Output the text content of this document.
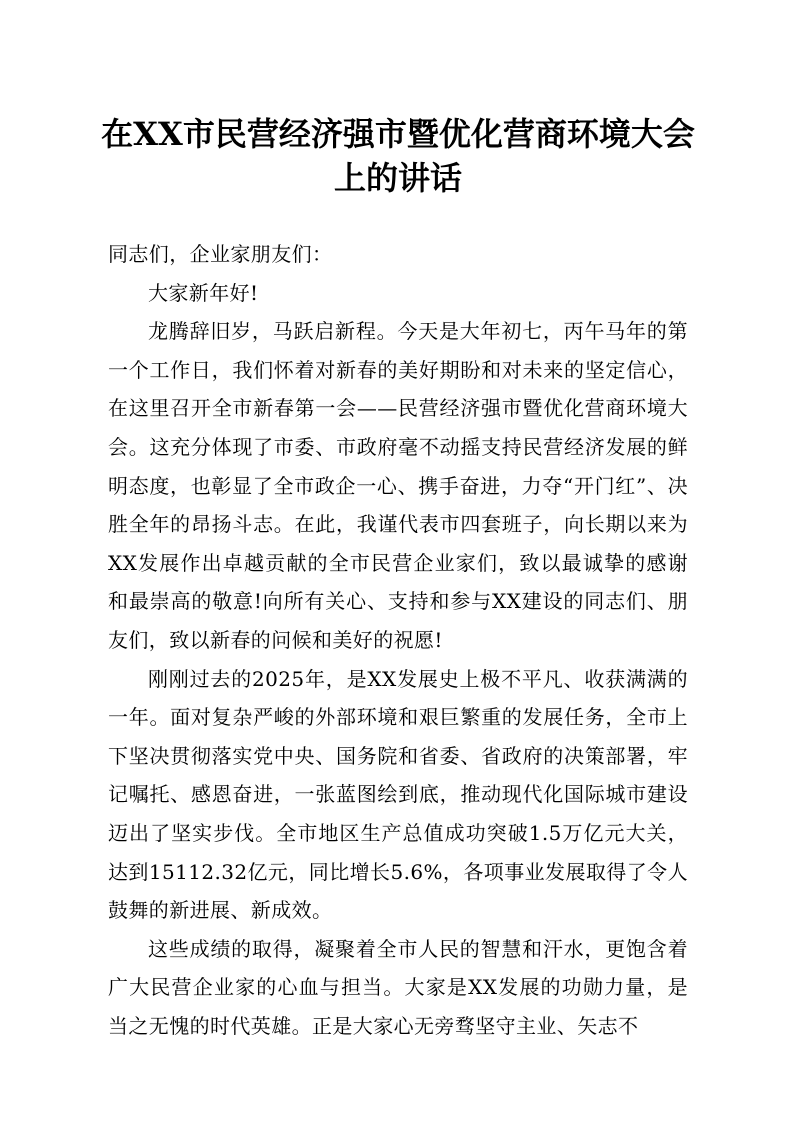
在XX市民营经济强市暨优化营商环境大会上的讲话

同志们，企业家朋友们：

大家新年好!

龙腾辞旧岁，马跃启新程。今天是大年初七，丙午马年的第一个工作日，我们怀着对新春的美好期盼和对未来的坚定信心，在这里召开全市新春第一会——民营经济强市暨优化营商环境大会。这充分体现了市委、市政府毫不动摇支持民营经济发展的鲜明态度，也彰显了全市政企一心、携手奋进，力夺“开门红”、决胜全年的昂扬斗志。在此，我谨代表市四套班子，向长期以来为XX发展作出卓越贡献的全市民营企业家们，致以最诚挚的感谢和最崇高的敬意!向所有关心、支持和参与XX建设的同志们、朋友们，致以新春的问候和美好的祝愿!

刚刚过去的2025年，是XX发展史上极不平凡、收获满满的一年。面对复杂严峻的外部环境和艰巨繁重的发展任务，全市上下坚决贯彻落实党中央、国务院和省委、省政府的决策部署，牢记嘱托、感恩奋进，一张蓝图绘到底，推动现代化国际城市建设迈出了坚实步伐。全市地区生产总值成功突破1.5万亿元大关，达到15112.32亿元，同比增长5.6%，各项事业发展取得了令人鼓舞的新进展、新成效。

这些成绩的取得，凝聚着全市人民的智慧和汗水，更饱含着广大民营企业家的心血与担当。大家是XX发展的功勋力量，是当之无愧的时代英雄。正是大家心无旁骛坚守主业、矢志不
